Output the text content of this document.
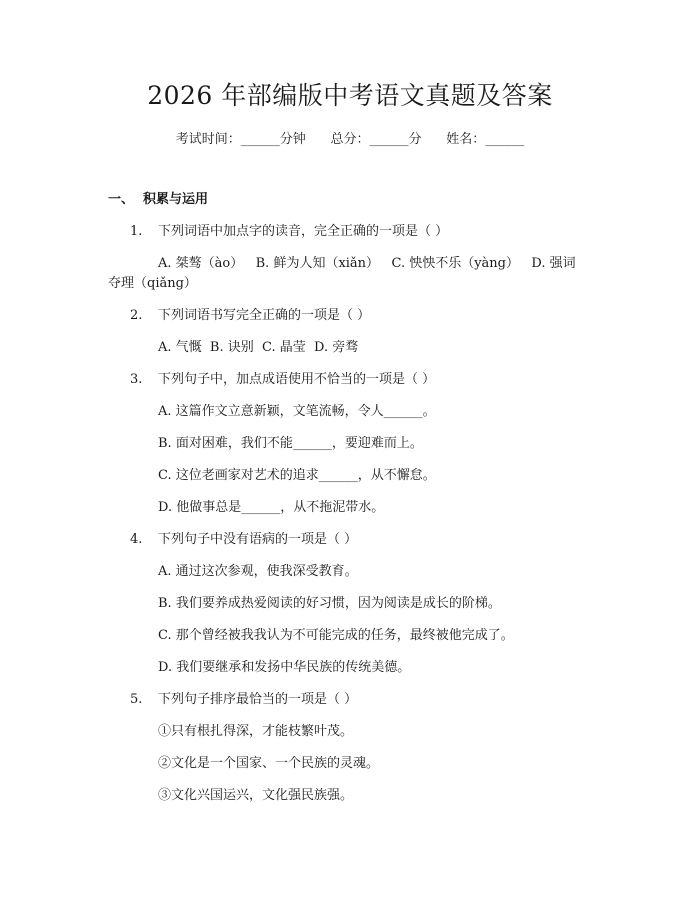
2026 年部编版中考语文真题及答案
考试时间：______分钟      总分：______分      姓名：______
一、  积累与运用
1. 下列词语中加点字的读音，完全正确的一项是（ ）
A. 桀骜（ào）   B. 鲜为人知（xiǎn）   C. 怏怏不乐（yàng）   D. 强词
夺理（qiǎng）
2. 下列词语书写完全正确的一项是（ ）
A. 气慨  B. 诀别  C. 晶莹  D. 旁骛
3. 下列句子中，加点成语使用不恰当的一项是（ ）
A. 这篇作文立意新颖，文笔流畅，令人______。
B. 面对困难，我们不能______，要迎难而上。
C. 这位老画家对艺术的追求______，从不懈怠。
D. 他做事总是______，从不拖泥带水。
4. 下列句子中没有语病的一项是（ ）
A. 通过这次参观，使我深受教育。
B. 我们要养成热爱阅读的好习惯，因为阅读是成长的阶梯。
C. 那个曾经被我我认为不可能完成的任务，最终被他完成了。
D. 我们要继承和发扬中华民族的传统美德。
5. 下列句子排序最恰当的一项是（ ）
①只有根扎得深，才能枝繁叶茂。
②文化是一个国家、一个民族的灵魂。
③文化兴国运兴，文化强民族强。
